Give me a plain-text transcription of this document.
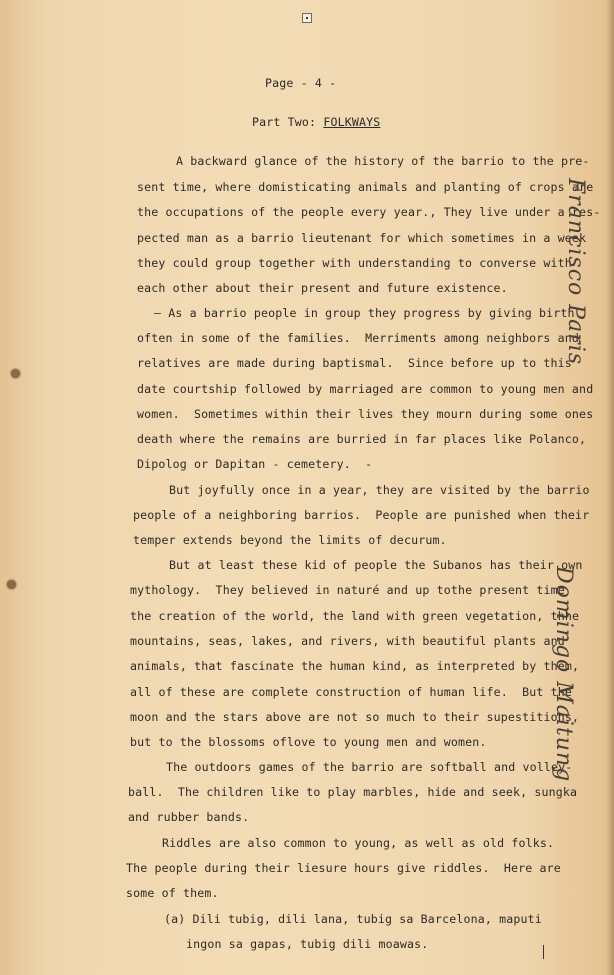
Page - 4 -
Part Two: FOLKWAYS
A backward glance of the history of the barrio to the pre-
sent time, where domisticating animals and planting of crops are
the occupations of the people every year., They live under a res-
pected man as a barrio lieutenant for which sometimes in a week
they could group together with understanding to converse with
each other about their present and future existence.
— As a barrio people in group they progress by giving birth
often in some of the families.  Merriments among neighbors and
relatives are made during baptismal.  Since before up to this
date courtship followed by marriaged are common to young men and
women.  Sometimes within their lives they mourn during some ones
death where the remains are burried in far places like Polanco,
Dipolog or Dapitan - cemetery.  -
But joyfully once in a year, they are visited by the barrio
people of a neighboring barrios.  People are punished when their
temper extends beyond the limits of decurum.
But at least these kid of people the Subanos has their own
mythology.  They believed in naturé and up tothe present time
the creation of the world, the land with green vegetation, thhe
mountains, seas, lakes, and rivers, with beautiful plants and
animals, that fascinate the human kind, as interpreted by them,
all of these are complete construction of human life.  But the
moon and the stars above are not so much to their supestitions,
but to the blossoms oflove to young men and women.
The outdoors games of the barrio are softball and volley-
ball.  The children like to play marbles, hide and seek, sungka
and rubber bands.
Riddles are also common to young, as well as old folks.
The people during their liesure hours give riddles.  Here are
some of them.
(a) Dili tubig, dili lana, tubig sa Barcelona, maputi
ingon sa gapas, tubig dili moawas.
Francisco Paris
Domingo Maitung
